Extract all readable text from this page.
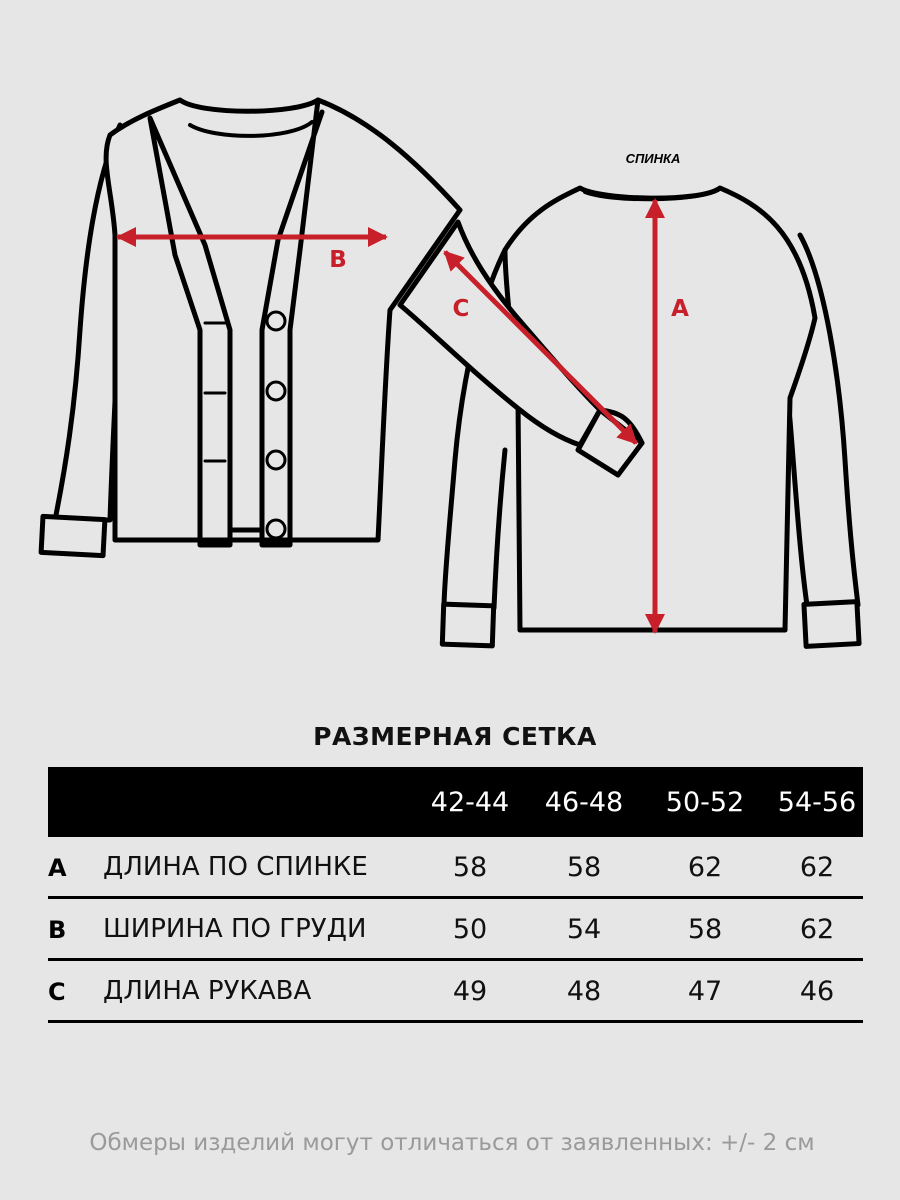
СПИНКА
B
C	A
РАЗМЕРНАЯ СЕТКА
42-44	46-48	50-52	54-56
A ДЛИНА ПО СПИНКЕ	58	58	62	62
B ШИРИНА ПО ГРУДИ	50	54	58	62
C ДЛИНА РУКАВА	49	48	47	46
Обмеры изделий могут отличаться от заявленных: +/- 2 см
